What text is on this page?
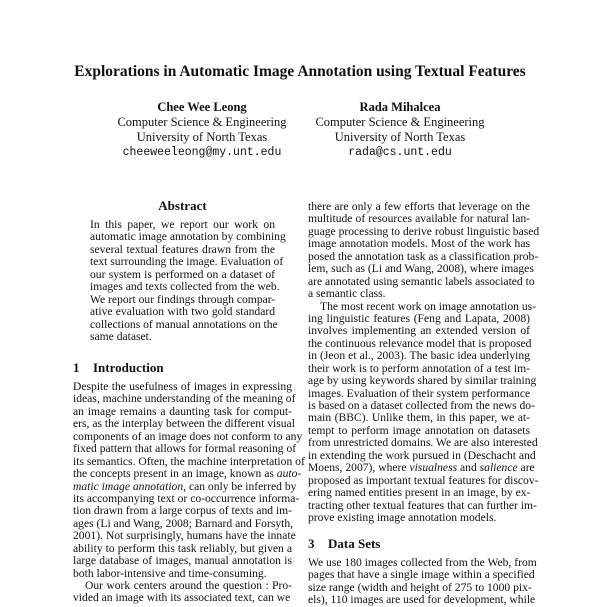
Explorations in Automatic Image Annotation using Textual Features
Chee Wee Leong
Computer Science & Engineering
University of North Texas
cheeweeleong@my.unt.edu
Rada Mihalcea
Computer Science & Engineering
University of North Texas
rada@cs.unt.edu
Abstract
In this paper, we report our work on
automatic image annotation by combining
several textual features drawn from the
text surrounding the image. Evaluation of
our system is performed on a dataset of
images and texts collected from the web.
We report our findings through compar-
ative evaluation with two gold standard
collections of manual annotations on the
same dataset.
1 Introduction
Despite the usefulness of images in expressing
ideas, machine understanding of the meaning of
an image remains a daunting task for comput-
ers, as the interplay between the different visual
components of an image does not conform to any
fixed pattern that allows for formal reasoning of
its semantics. Often, the machine interpretation of
the concepts present in an image, known as auto-
matic image annotation, can only be inferred by
its accompanying text or co-occurrence informa-
tion drawn from a large corpus of texts and im-
ages (Li and Wang, 2008; Barnard and Forsyth,
2001). Not surprisingly, humans have the innate
ability to perform this task reliably, but given a
large database of images, manual annotation is
both labor-intensive and time-consuming.
Our work centers around the question : Pro-
vided an image with its associated text, can we
there are only a few efforts that leverage on the
multitude of resources available for natural lan-
guage processing to derive robust linguistic based
image annotation models. Most of the work has
posed the annotation task as a classification prob-
lem, such as (Li and Wang, 2008), where images
are annotated using semantic labels associated to
a semantic class.
The most recent work on image annotation us-
ing linguistic features (Feng and Lapata, 2008)
involves implementing an extended version of
the continuous relevance model that is proposed
in (Jeon et al., 2003). The basic idea underlying
their work is to perform annotation of a test im-
age by using keywords shared by similar training
images. Evaluation of their system performance
is based on a dataset collected from the news do-
main (BBC). Unlike them, in this paper, we at-
tempt to perform image annotation on datasets
from unrestricted domains. We are also interested
in extending the work pursued in (Deschacht and
Moens, 2007), where visualness and salience are
proposed as important textual features for discov-
ering named entities present in an image, by ex-
tracting other textual features that can further im-
prove existing image annotation models.
3 Data Sets
We use 180 images collected from the Web, from
pages that have a single image within a specified
size range (width and height of 275 to 1000 pix-
els), 110 images are used for development, while
